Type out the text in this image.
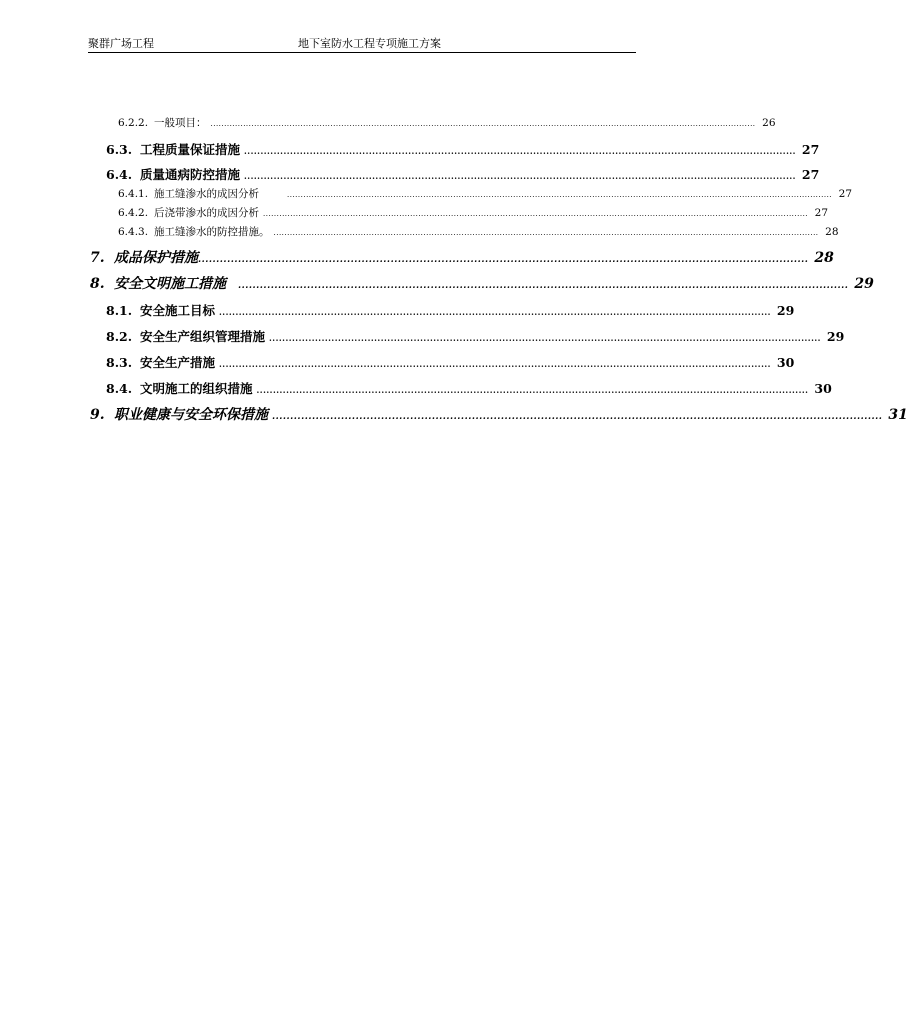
聚群广场工程	地下室防水工程专项施工方案
6.2.2. 一般项目： ........................................................................................................................................................................................................ 26
6.3. 工程质量保证措施 ........................................................................................................................................................................ 27
6.4. 质量通病防控措施 ........................................................................................................................................................................ 27
6.4.1. 施工缝渗水的成因分析	........................................................................................................................................................................................................ 27
6.4.2. 后浇带渗水的成因分析 ........................................................................................................................................................................................................ 27
6.4.3. 施工缝渗水的防控措施。 ........................................................................................................................................................................................................ 28
7. 成品保护措施 ........................................................................................................................................................................ 28
8. 安全文明施工措施 ........................................................................................................................................................................ 29
8.1. 安全施工目标 ........................................................................................................................................................................ 29
8.2. 安全生产组织管理措施 ........................................................................................................................................................................ 29
8.3. 安全生产措施 ........................................................................................................................................................................ 30
8.4. 文明施工的组织措施 ........................................................................................................................................................................ 30
9. 职业健康与安全环保措施 ........................................................................................................................................................................ 31
